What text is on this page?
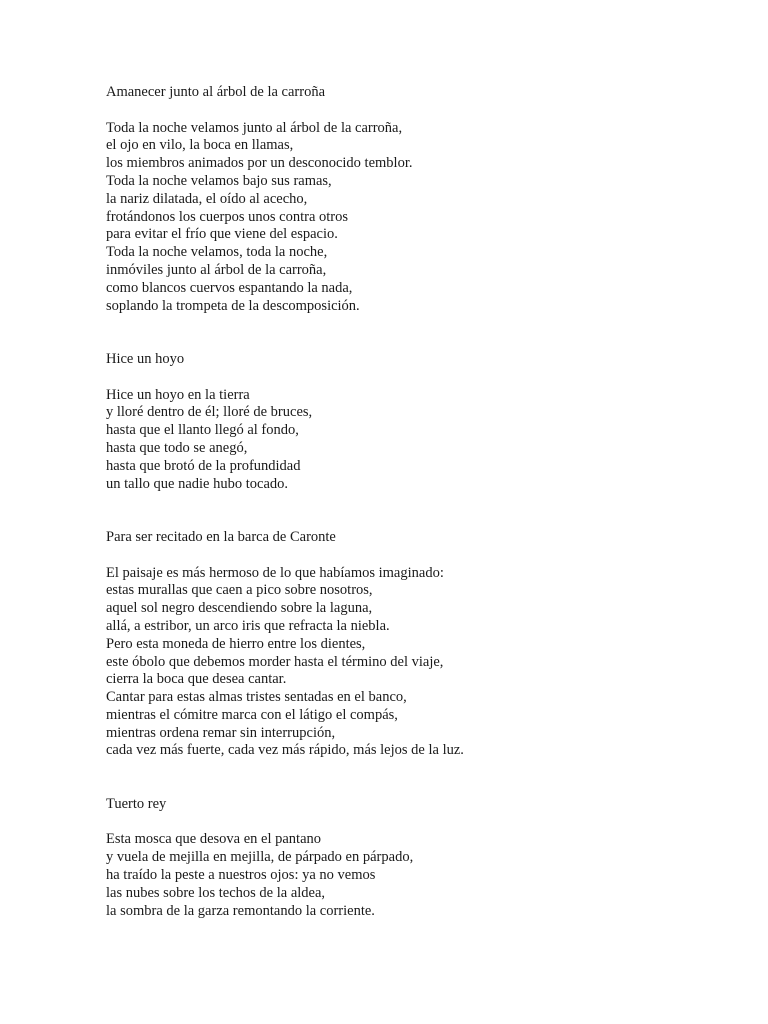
Amanecer junto al árbol de la carroña
Toda la noche velamos junto al árbol de la carroña,
el ojo en vilo, la boca en llamas,
los miembros animados por un desconocido temblor.
Toda la noche velamos bajo sus ramas,
la nariz dilatada, el oído al acecho,
frotándonos los cuerpos unos contra otros
para evitar el frío que viene del espacio.
Toda la noche velamos, toda la noche,
inmóviles junto al árbol de la carroña,
como blancos cuervos espantando la nada,
soplando la trompeta de la descomposición.
Hice un hoyo
Hice un hoyo en la tierra
y lloré dentro de él; lloré de bruces,
hasta que el llanto llegó al fondo,
hasta que todo se anegó,
hasta que brotó de la profundidad
un tallo que nadie hubo tocado.
Para ser recitado en la barca de Caronte
El paisaje es más hermoso de lo que habíamos imaginado:
estas murallas que caen a pico sobre nosotros,
aquel sol negro descendiendo sobre la laguna,
allá, a estribor, un arco iris que refracta la niebla.
Pero esta moneda de hierro entre los dientes,
este óbolo que debemos morder hasta el término del viaje,
cierra la boca que desea cantar.
Cantar para estas almas tristes sentadas en el banco,
mientras el cómitre marca con el látigo el compás,
mientras ordena remar sin interrupción,
cada vez más fuerte, cada vez más rápido, más lejos de la luz.
Tuerto rey
Esta mosca que desova en el pantano
y vuela de mejilla en mejilla, de párpado en párpado,
ha traído la peste a nuestros ojos: ya no vemos
las nubes sobre los techos de la aldea,
la sombra de la garza remontando la corriente.
